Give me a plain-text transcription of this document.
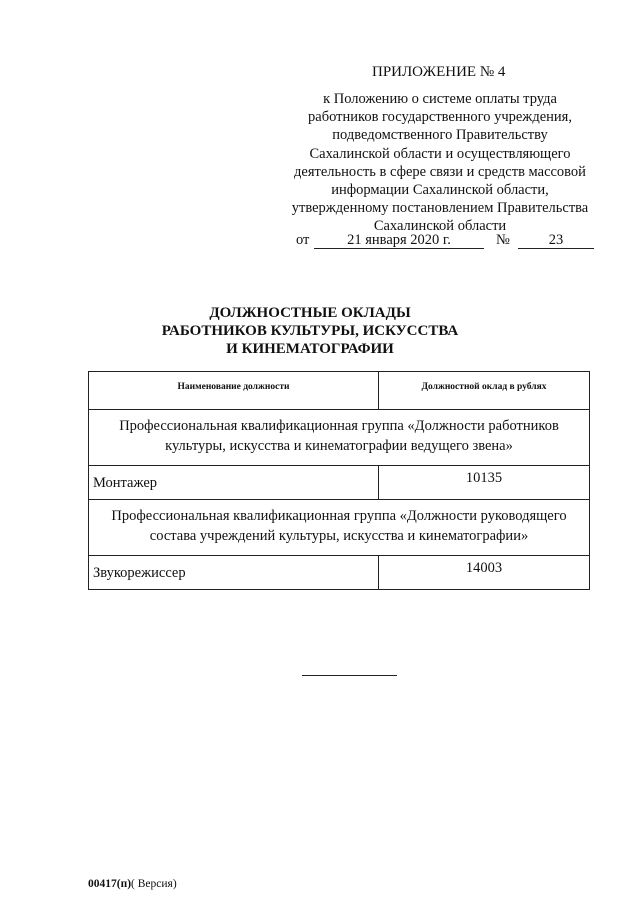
ПРИЛОЖЕНИЕ № 4
к Положению о системе оплаты труда
работников государственного учреждения,
подведомственного Правительству
Сахалинской области и осуществляющего
деятельность в сфере связи и средств массовой
информации Сахалинской области,
утвержденному постановлением Правительства
Сахалинской области
от	21 января 2020 г.	№	23
ДОЛЖНОСТНЫЕ ОКЛАДЫ
РАБОТНИКОВ КУЛЬТУРЫ, ИСКУССТВА
И КИНЕМАТОГРАФИИ
Наименование должности	Должностной оклад в рублях
Профессиональная квалификационная группа «Должности работников культуры, искусства и кинематографии ведущего звена»	
Монтажер	10135
Профессиональная квалификационная группа «Должности руководящего состава учреждений культуры, искусства и кинематографии»	
Звукорежиссер	14003
00417(п)( Версия)
